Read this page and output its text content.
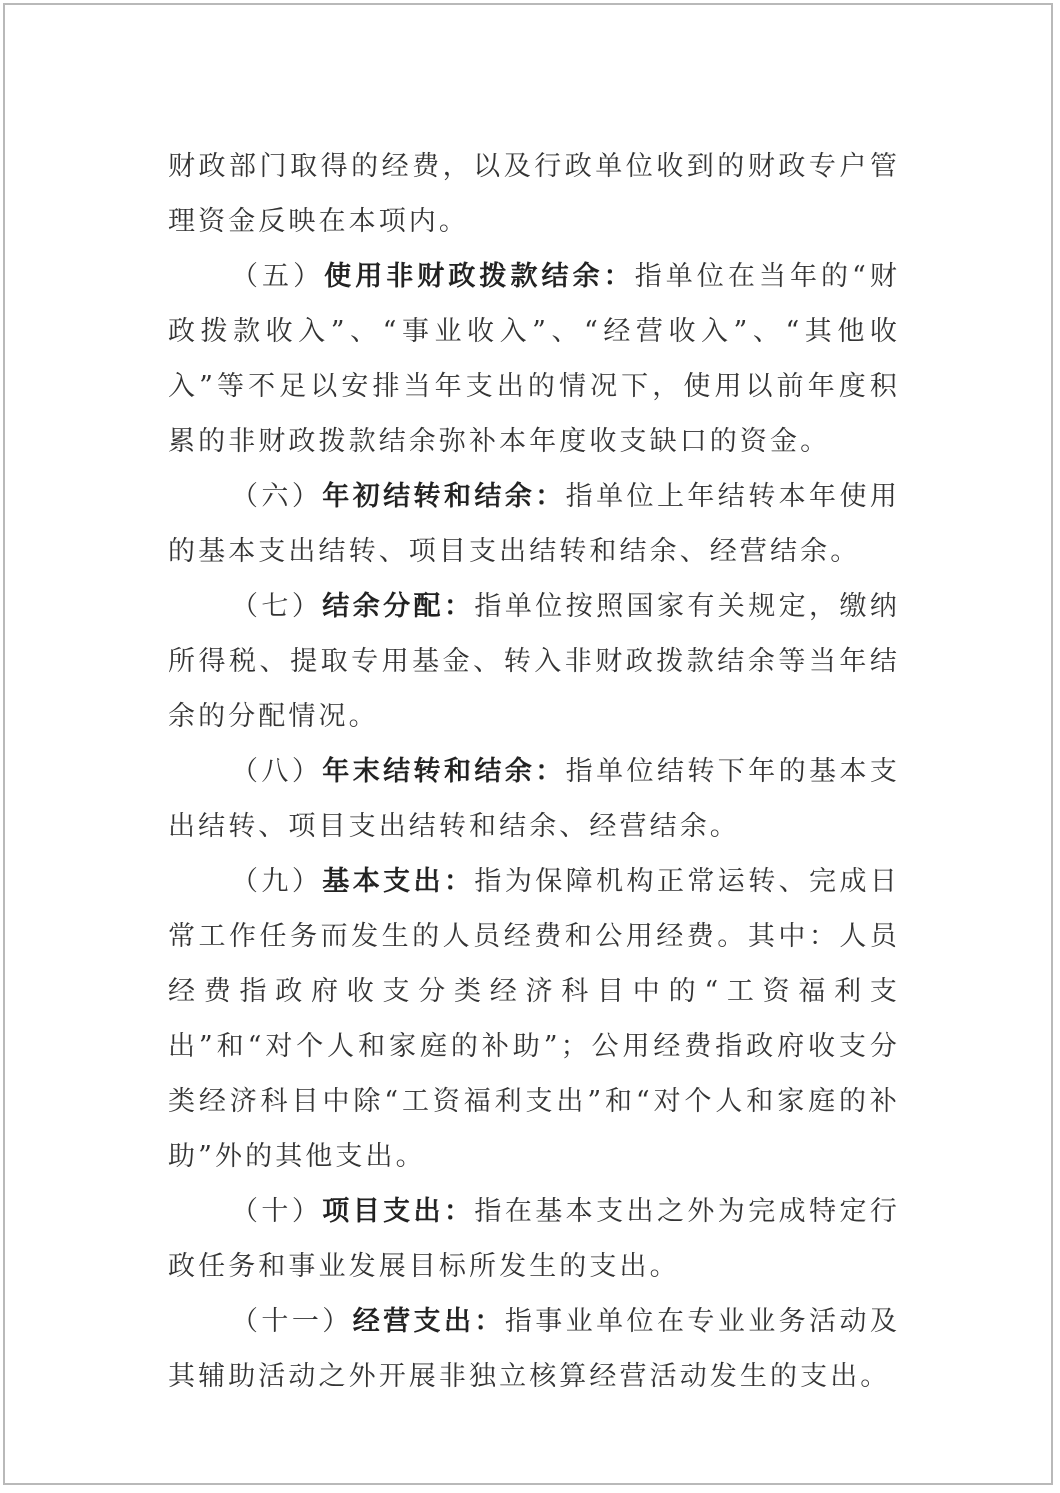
财政部门取得的经费，以及行政单位收到的财政专户管理资金反映在本项内。

（五）使用非财政拨款结余：指单位在当年的“财政拨款收入”、“事业收入”、“经营收入”、“其他收入”等不足以安排当年支出的情况下，使用以前年度积累的非财政拨款结余弥补本年度收支缺口的资金。

（六）年初结转和结余：指单位上年结转本年使用的基本支出结转、项目支出结转和结余、经营结余。

（七）结余分配：指单位按照国家有关规定，缴纳所得税、提取专用基金、转入非财政拨款结余等当年结余的分配情况。

（八）年末结转和结余：指单位结转下年的基本支出结转、项目支出结转和结余、经营结余。

（九）基本支出：指为保障机构正常运转、完成日常工作任务而发生的人员经费和公用经费。其中：人员经费指政府收支分类经济科目中的“工资福利支出”和“对个人和家庭的补助”；公用经费指政府收支分类经济科目中除“工资福利支出”和“对个人和家庭的补助”外的其他支出。

（十）项目支出：指在基本支出之外为完成特定行政任务和事业发展目标所发生的支出。

（十一）经营支出：指事业单位在专业业务活动及其辅助活动之外开展非独立核算经营活动发生的支出。
